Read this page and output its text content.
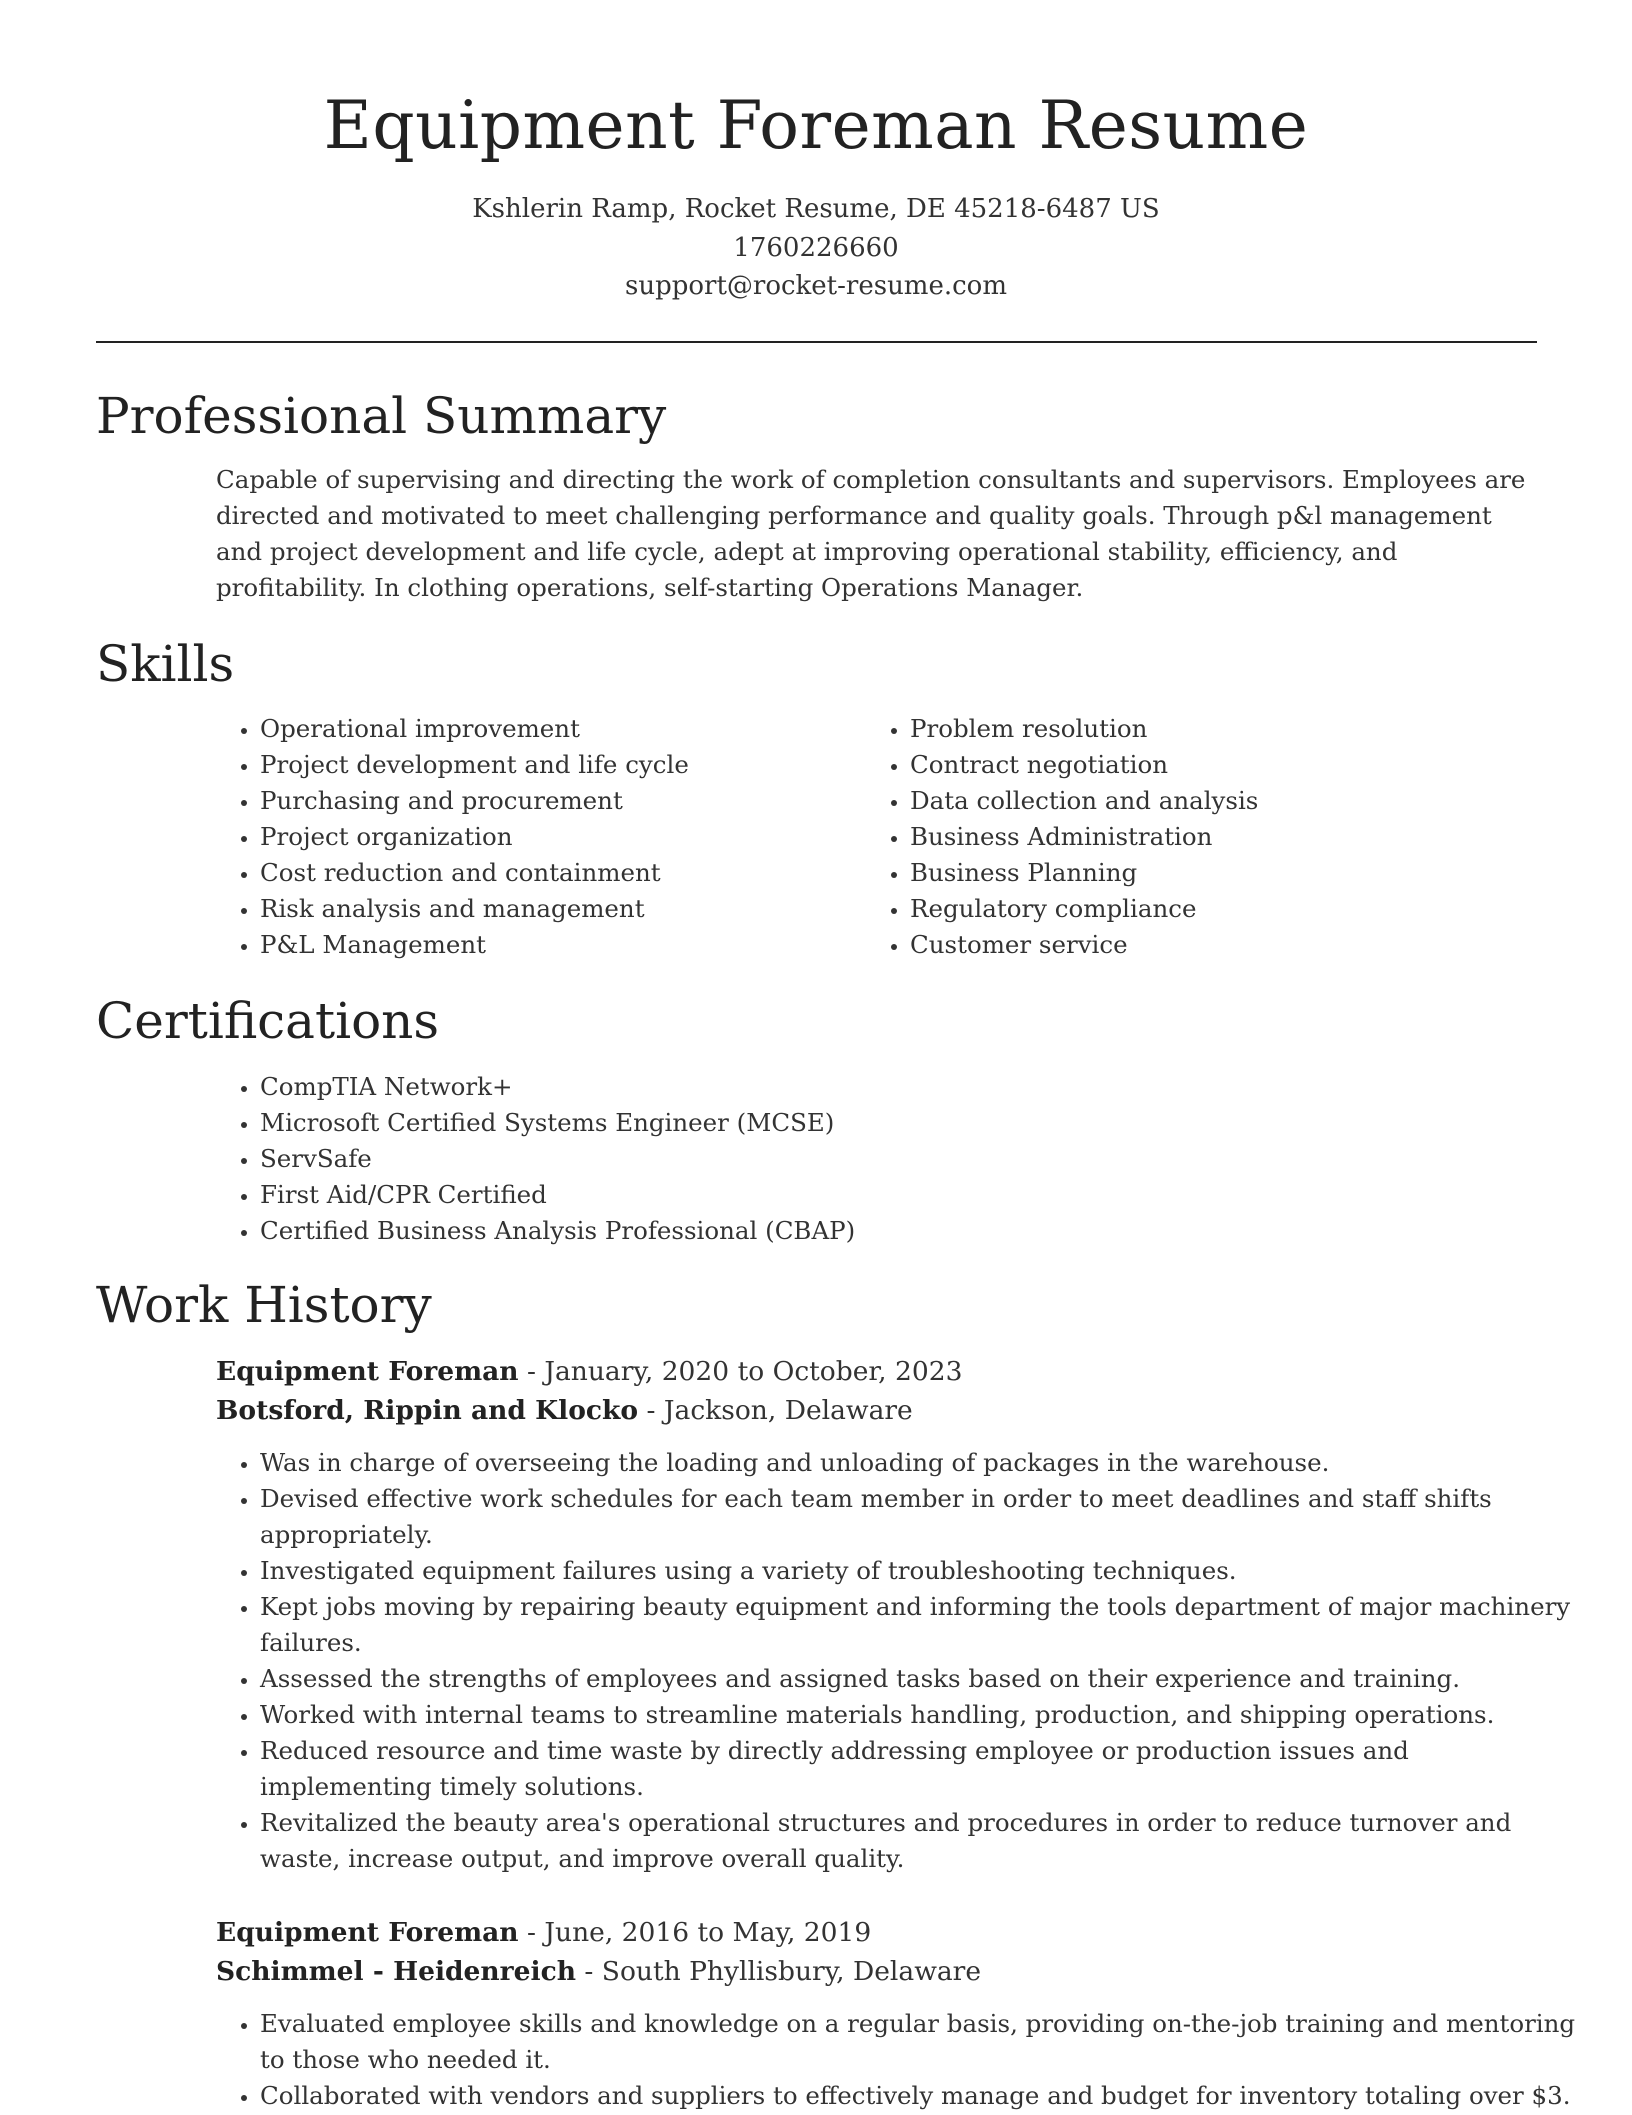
Equipment Foreman Resume
Kshlerin Ramp, Rocket Resume, DE 45218-6487 US
1760226660
support@rocket-resume.com
Professional Summary

Capable of supervising and directing the work of completion consultants and supervisors. Employees are directed and motivated to meet challenging performance and quality goals. Through p&l management and project development and life cycle, adept at improving operational stability, efficiency, and profitability. In clothing operations, self-starting Operations Manager.

Skills
• Operational improvement
• Project development and life cycle
• Purchasing and procurement
• Project organization
• Cost reduction and containment
• Risk analysis and management
• P&L Management
• Problem resolution
• Contract negotiation
• Data collection and analysis
• Business Administration
• Business Planning
• Regulatory compliance
• Customer service
Certifications
• CompTIA Network+
• Microsoft Certified Systems Engineer (MCSE)
• ServSafe
• First Aid/CPR Certified
• Certified Business Analysis Professional (CBAP)
Work History
Equipment Foreman - January, 2020 to October, 2023
Botsford, Rippin and Klocko - Jackson, Delaware
• Was in charge of overseeing the loading and unloading of packages in the warehouse.
• Devised effective work schedules for each team member in order to meet deadlines and staff shifts appropriately.
• Investigated equipment failures using a variety of troubleshooting techniques.
• Kept jobs moving by repairing beauty equipment and informing the tools department of major machinery failures.
• Assessed the strengths of employees and assigned tasks based on their experience and training.
• Worked with internal teams to streamline materials handling, production, and shipping operations.
• Reduced resource and time waste by directly addressing employee or production issues and implementing timely solutions.
• Revitalized the beauty area's operational structures and procedures in order to reduce turnover and waste, increase output, and improve overall quality.
Equipment Foreman - June, 2016 to May, 2019
Schimmel - Heidenreich - South Phyllisbury, Delaware
• Evaluated employee skills and knowledge on a regular basis, providing on-the-job training and mentoring to those who needed it.
• Collaborated with vendors and suppliers to effectively manage and budget for inventory totaling over $3.
